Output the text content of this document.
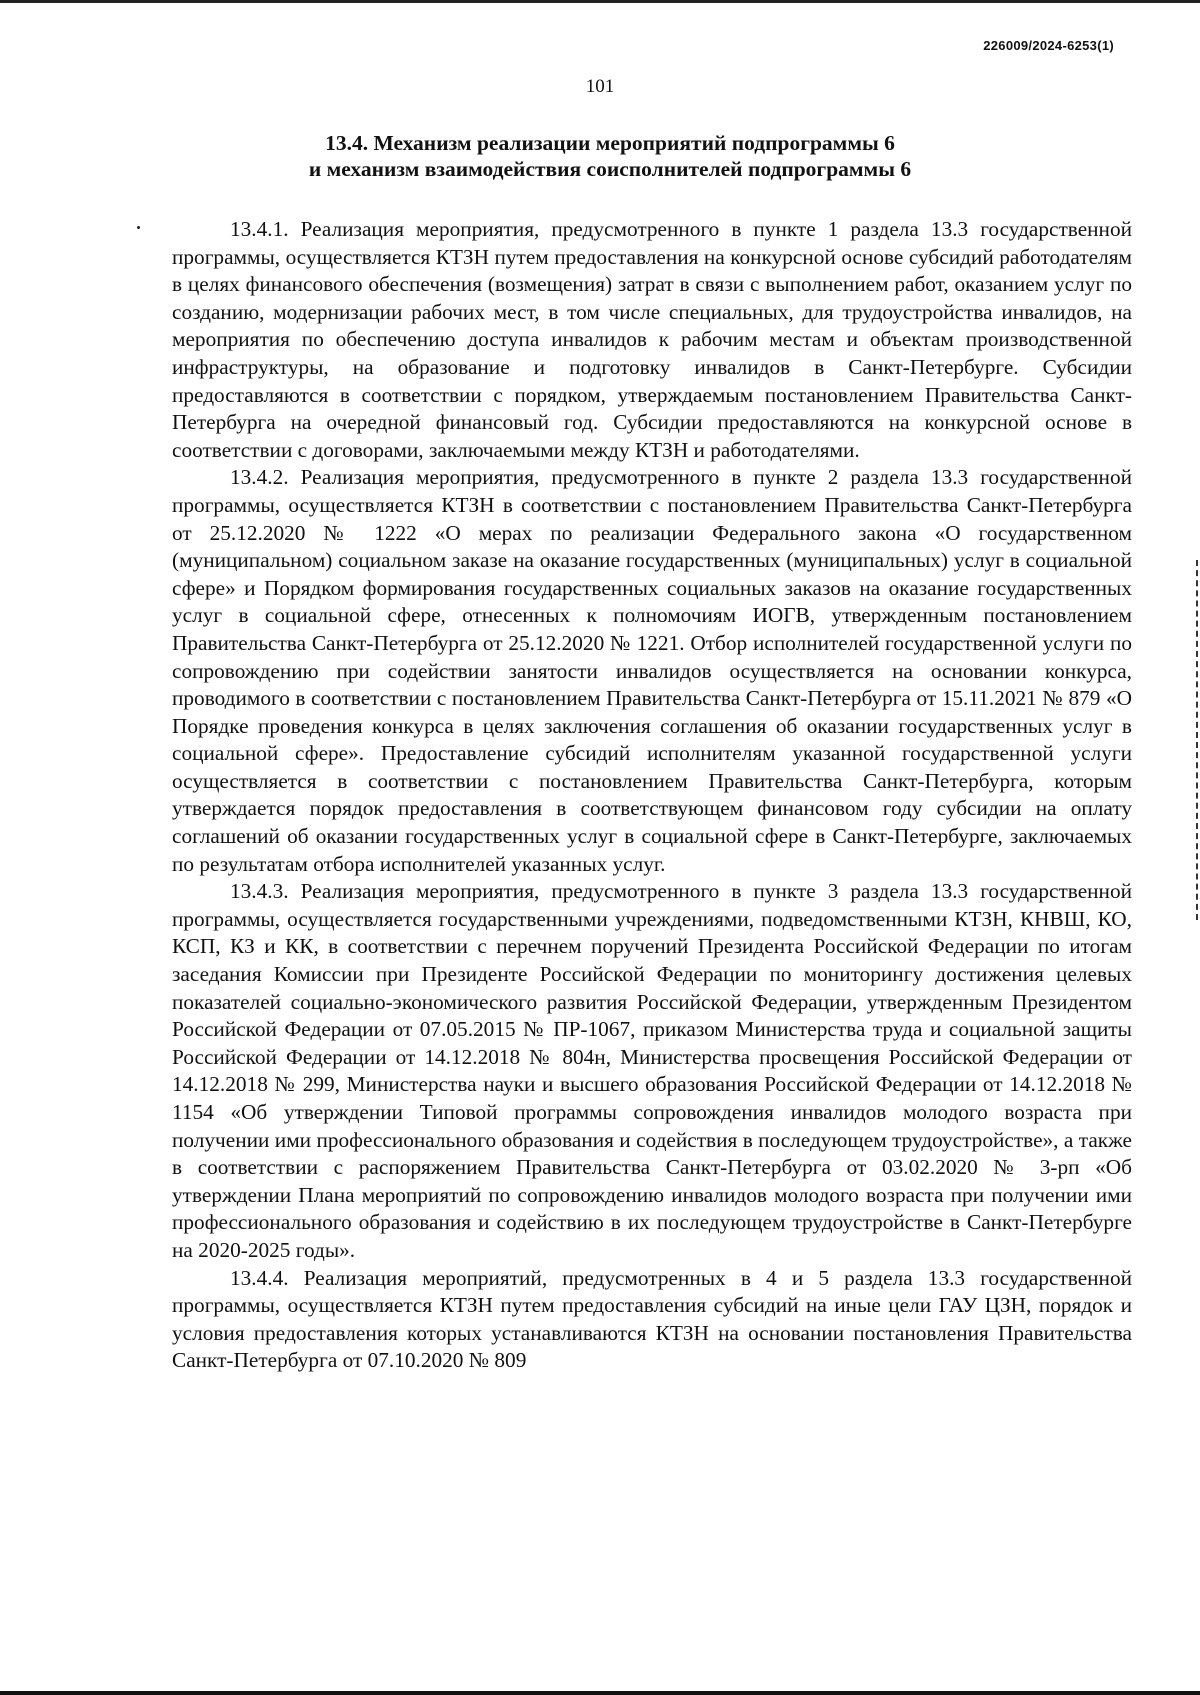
226009/2024-6253(1)
101
13.4. Механизм реализации мероприятий подпрограммы 6
и механизм взаимодействия соисполнителей подпрограммы 6

13.4.1. Реализация мероприятия, предусмотренного в пункте 1 раздела 13.3 государственной программы, осуществляется КТЗН путем предоставления на конкурсной основе субсидий работодателям в целях финансового обеспечения (возмещения) затрат в связи с выполнением работ, оказанием услуг по созданию, модернизации рабочих мест, в том числе специальных, для трудоустройства инвалидов, на мероприятия по обеспечению доступа инвалидов к рабочим местам и объектам производственной инфраструктуры, на образование и подготовку инвалидов в Санкт-Петербурге. Субсидии предоставляются в соответствии с порядком, утверждаемым постановлением Правительства Санкт-Петербурга на очередной финансовый год. Субсидии предоставляются на конкурсной основе в соответствии с договорами, заключаемыми между КТЗН и работодателями.

13.4.2. Реализация мероприятия, предусмотренного в пункте 2 раздела 13.3 государственной программы, осуществляется КТЗН в соответствии с постановлением Правительства Санкт-Петербурга от 25.12.2020 № 1222 «О мерах по реализации Федерального закона «О государственном (муниципальном) социальном заказе на оказание государственных (муниципальных) услуг в социальной сфере» и Порядком формирования государственных социальных заказов на оказание государственных услуг в социальной сфере, отнесенных к полномочиям ИОГВ, утвержденным постановлением Правительства Санкт-Петербурга от 25.12.2020 № 1221. Отбор исполнителей государственной услуги по сопровождению при содействии занятости инвалидов осуществляется на основании конкурса, проводимого в соответствии с постановлением Правительства Санкт-Петербурга от 15.11.2021 № 879 «О Порядке проведения конкурса в целях заключения соглашения об оказании государственных услуг в социальной сфере». Предоставление субсидий исполнителям указанной государственной услуги осуществляется в соответствии с постановлением Правительства Санкт-Петербурга, которым утверждается порядок предоставления в соответствующем финансовом году субсидии на оплату соглашений об оказании государственных услуг в социальной сфере в Санкт-Петербурге, заключаемых по результатам отбора исполнителей указанных услуг.

13.4.3. Реализация мероприятия, предусмотренного в пункте 3 раздела 13.3 государственной программы, осуществляется государственными учреждениями, подведомственными КТЗН, КНВШ, КО, КСП, КЗ и КК, в соответствии с перечнем поручений Президента Российской Федерации по итогам заседания Комиссии при Президенте Российской Федерации по мониторингу достижения целевых показателей социально-экономического развития Российской Федерации, утвержденным Президентом Российской Федерации от 07.05.2015 № ПР-1067, приказом Министерства труда и социальной защиты Российской Федерации от 14.12.2018 № 804н, Министерства просвещения Российской Федерации от 14.12.2018 № 299, Министерства науки и высшего образования Российской Федерации от 14.12.2018 № 1154 «Об утверждении Типовой программы сопровождения инвалидов молодого возраста при получении ими профессионального образования и содействия в последующем трудоустройстве», а также в соответствии с распоряжением Правительства Санкт-Петербурга от 03.02.2020 № 3-рп «Об утверждении Плана мероприятий по сопровождению инвалидов молодого возраста при получении ими профессионального образования и содействию в их последующем трудоустройстве в Санкт-Петербурге на 2020-2025 годы».

13.4.4. Реализация мероприятий, предусмотренных в 4 и 5 раздела 13.3 государственной программы, осуществляется КТЗН путем предоставления субсидий на иные цели ГАУ ЦЗН, порядок и условия предоставления которых устанавливаются КТЗН на основании постановления Правительства Санкт-Петербурга от 07.10.2020 № 809
